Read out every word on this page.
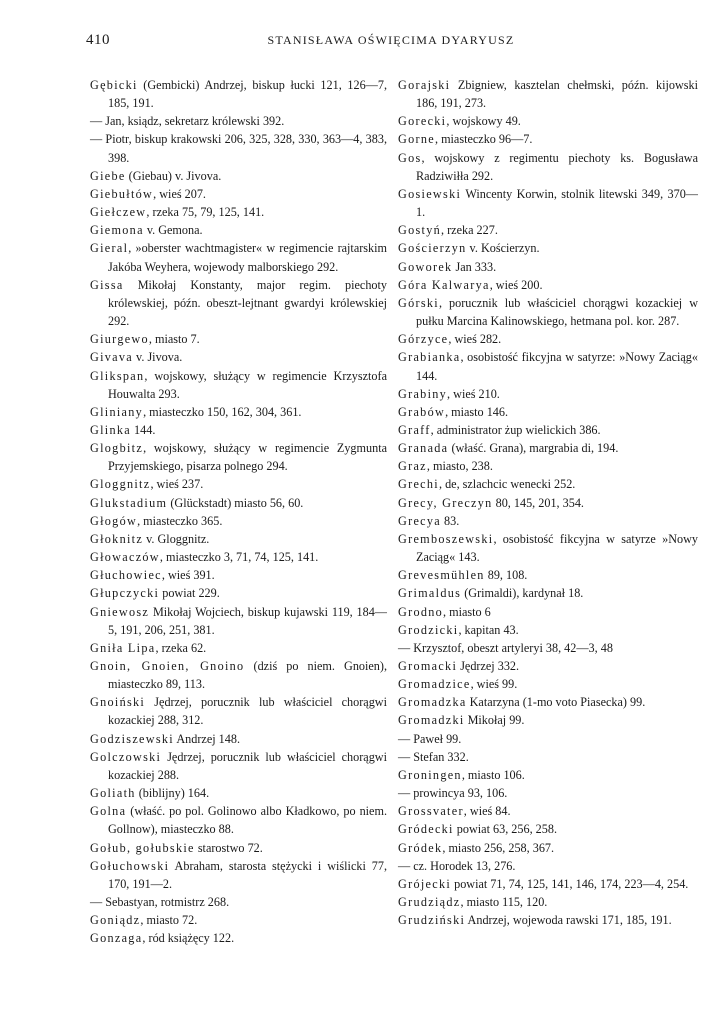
410	STANISŁAWA OŚWIĘCIMA DYARYUSZ
Gębicki (Gembicki) Andrzej, biskup łucki 121, 126—7, 185, 191.
— Jan, ksiądz, sekretarz królewski 392.
— Piotr, biskup krakowski 206, 325, 328, 330, 363—4, 383, 398.
Giebe (Giebau) v. Jivova.
Giebułtów, wieś 207.
Giełczew, rzeka 75, 79, 125, 141.
Giemona v. Gemona.
Gieral, »oberster wachtmagister« w regimencie rajtarskim Jakóba Weyhera, wojewody malborskiego 292.
Gissa Mikołaj Konstanty, major regim. piechoty królewskiej, późn. obeszt-lejtnant gwardyi królewskiej 292.
Giurgewo, miasto 7.
Givava v. Jivova.
Glikspan, wojskowy, służący w regimencie Krzysztofa Houwalta 293.
Gliniany, miasteczko 150, 162, 304, 361.
Glinka 144.
Glogbitz, wojskowy, służący w regimencie Zygmunta Przyjemskiego, pisarza polnego 294.
Gloggnitz, wieś 237.
Glukstadium (Glückstadt) miasto 56, 60.
Głogów, miasteczko 365.
Głoknitz v. Gloggnitz.
Głowaczów, miasteczko 3, 71, 74, 125, 141.
Głuchowiec, wieś 391.
Głupczycki powiat 229.
Gniewosz Mikołaj Wojciech, biskup kujawski 119, 184—5, 191, 206, 251, 381.
Gniła Lipa, rzeka 62.
Gnoin, Gnoien, Gnoino (dziś po niem. Gnoien), miasteczko 89, 113.
Gnoiński Jędrzej, porucznik lub właściciel chorągwi kozackiej 288, 312.
Godziszewski Andrzej 148.
Golczowski Jędrzej, porucznik lub właściciel chorągwi kozackiej 288.
Goliath (biblijny) 164.
Golna (właść. po pol. Golinowo albo Kładkowo, po niem. Gollnow), miasteczko 88.
Gołub, gołubskie starostwo 72.
Gołuchowski Abraham, starosta stężycki i wiślicki 77, 170, 191—2.
— Sebastyan, rotmistrz 268.
Goniądz, miasto 72.
Gonzaga, ród książęcy 122.
Gorajski Zbigniew, kasztelan chełmski, późn. kijowski 186, 191, 273.
Gorecki, wojskowy 49.
Gorne, miasteczko 96—7.
Gos, wojskowy z regimentu piechoty ks. Bogusława Radziwiłła 292.
Gosiewski Wincenty Korwin, stolnik litewski 349, 370—1.
Gostyń, rzeka 227.
Gościerzyn v. Kościerzyn.
Goworek Jan 333.
Góra Kalwarya, wieś 200.
Górski, porucznik lub właściciel chorągwi kozackiej w pułku Marcina Kalinowskiego, hetmana pol. kor. 287.
Górzyce, wieś 282.
Grabianka, osobistość fikcyjna w satyrze: »Nowy Zaciąg« 144.
Grabiny, wieś 210.
Grabów, miasto 146.
Graff, administrator żup wielickich 386.
Granada (właść. Grana), margrabia di, 194.
Graz, miasto, 238.
Grechi, de, szlachcic wenecki 252.
Grecy, Greczyn 80, 145, 201, 354.
Grecya 83.
Gremboszewski, osobistość fikcyjna w satyrze »Nowy Zaciąg« 143.
Grevesmühlen 89, 108.
Grimaldus (Grimaldi), kardynał 18.
Grodno, miasto 6
Grodzicki, kapitan 43.
— Krzysztof, obeszt artyleryi 38, 42—3, 48
Gromacki Jędrzej 332.
Gromadzice, wieś 99.
Gromadzka Katarzyna (1-mo voto Piasecka) 99.
Gromadzki Mikołaj 99.
— Paweł 99.
— Stefan 332.
Groningen, miasto 106.
— prowincya 93, 106.
Grossvater, wieś 84.
Gródecki powiat 63, 256, 258.
Gródek, miasto 256, 258, 367.
— cz. Horodek 13, 276.
Grójecki powiat 71, 74, 125, 141, 146, 174, 223—4, 254.
Grudziądz, miasto 115, 120.
Grudziński Andrzej, wojewoda rawski 171, 185, 191.
